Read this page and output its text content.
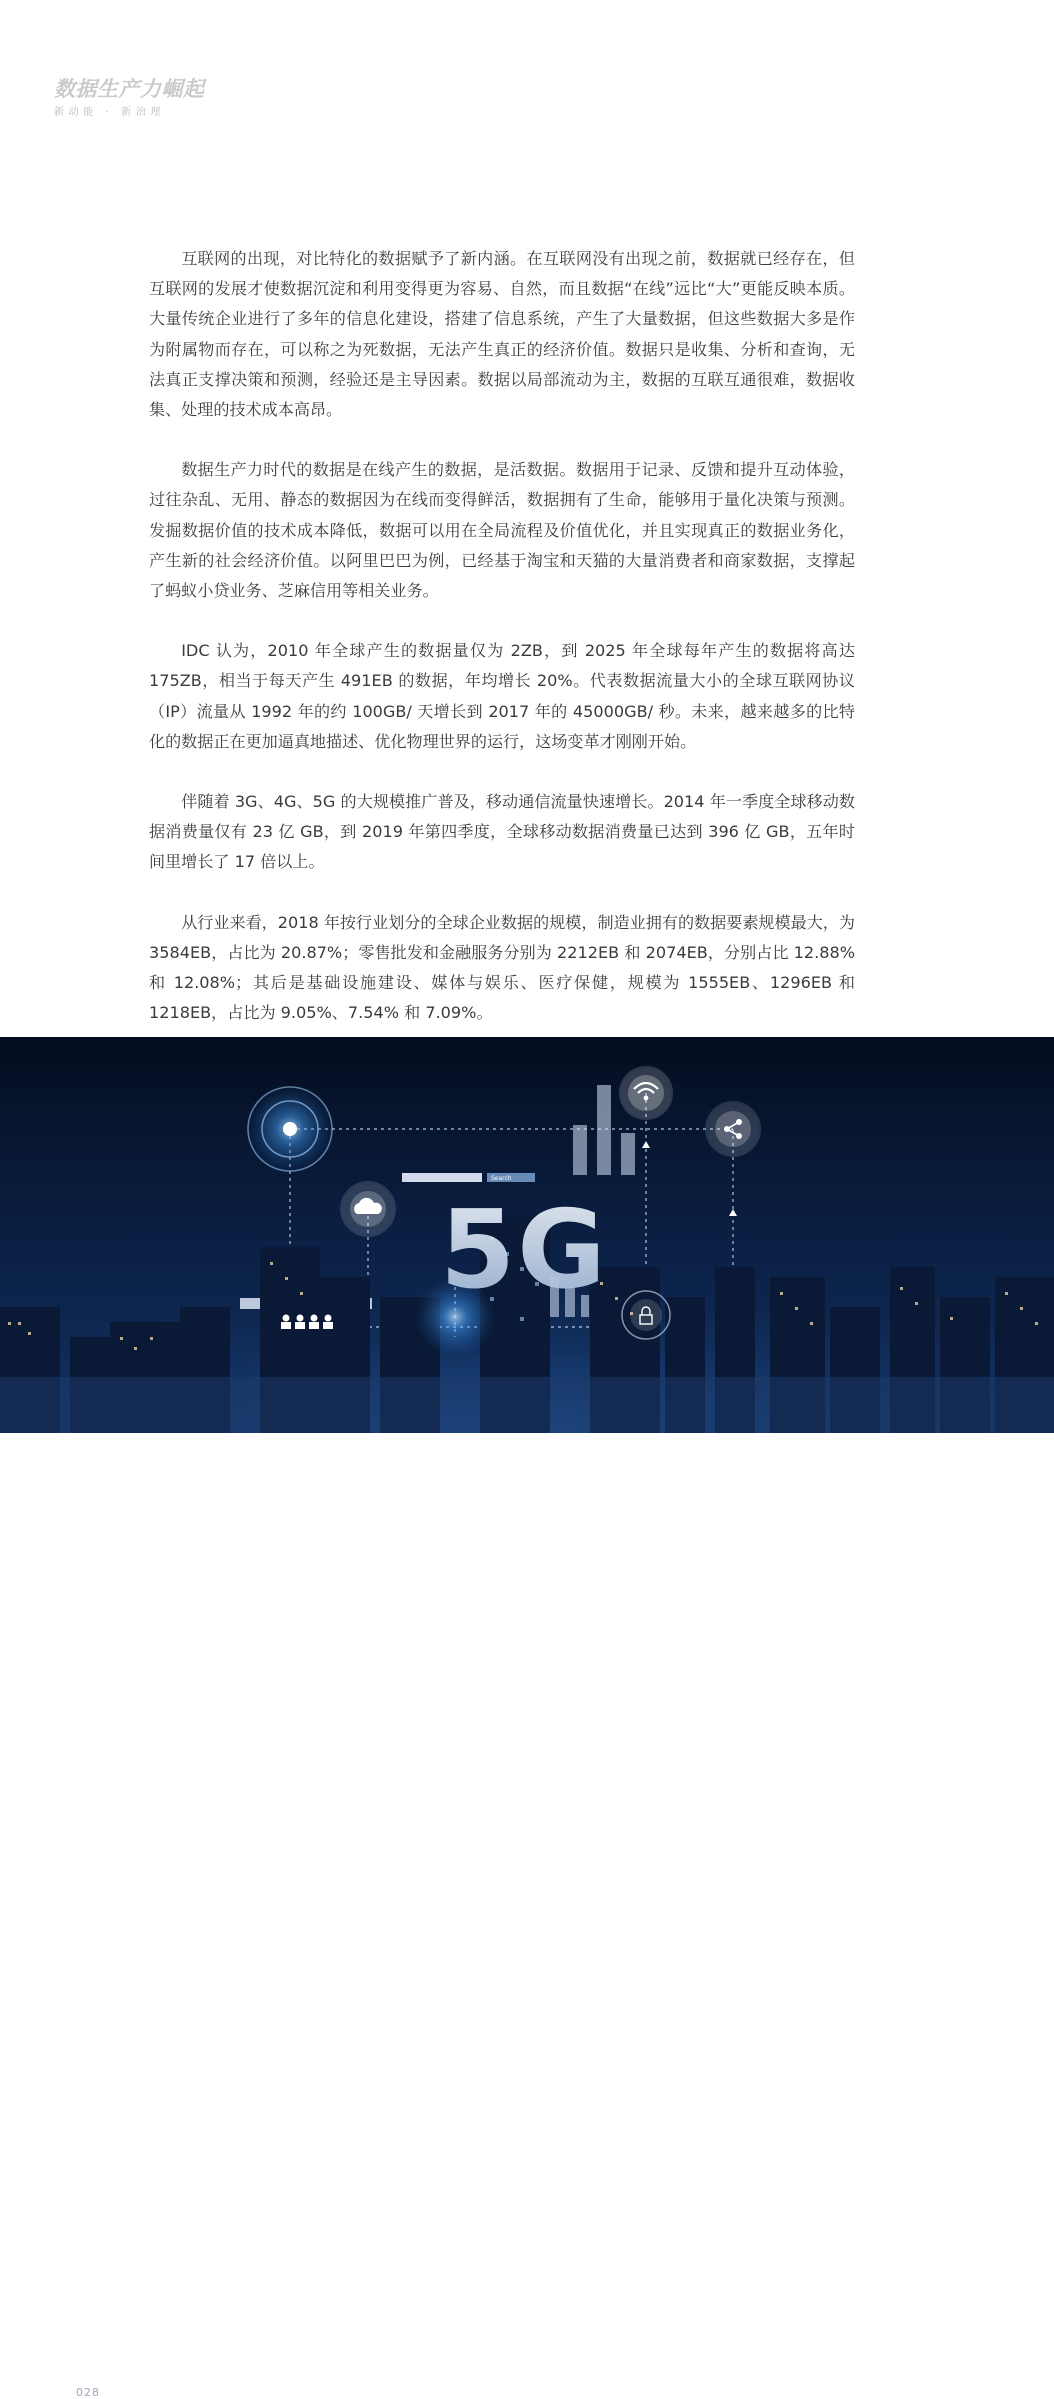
数据生产力崛起
新动能 · 新治理

互联网的出现，对比特化的数据赋予了新内涵。在互联网没有出现之前，数据就已经存在，但互联网的发展才使数据沉淀和利用变得更为容易、自然，而且数据“在线”远比“大”更能反映本质。大量传统企业进行了多年的信息化建设，搭建了信息系统，产生了大量数据，但这些数据大多是作为附属物而存在，可以称之为死数据，无法产生真正的经济价值。数据只是收集、分析和查询，无法真正支撑决策和预测，经验还是主导因素。数据以局部流动为主，数据的互联互通很难，数据收集、处理的技术成本高昂。

数据生产力时代的数据是在线产生的数据，是活数据。数据用于记录、反馈和提升互动体验，过往杂乱、无用、静态的数据因为在线而变得鲜活，数据拥有了生命，能够用于量化决策与预测。发掘数据价值的技术成本降低，数据可以用在全局流程及价值优化，并且实现真正的数据业务化，产生新的社会经济价值。以阿里巴巴为例，已经基于淘宝和天猫的大量消费者和商家数据，支撑起了蚂蚁小贷业务、芝麻信用等相关业务。

IDC 认为，2010 年全球产生的数据量仅为 2ZB，到 2025 年全球每年产生的数据将高达 175ZB，相当于每天产生 491EB 的数据，年均增长 20%。代表数据流量大小的全球互联网协议（IP）流量从 1992 年的约 100GB/ 天增长到 2017 年的 45000GB/ 秒。未来，越来越多的比特化的数据正在更加逼真地描述、优化物理世界的运行，这场变革才刚刚开始。

伴随着 3G、4G、5G 的大规模推广普及，移动通信流量快速增长。2014 年一季度全球移动数据消费量仅有 23 亿 GB，到 2019 年第四季度，全球移动数据消费量已达到 396 亿 GB，五年时间里增长了 17 倍以上。

从行业来看，2018 年按行业划分的全球企业数据的规模，制造业拥有的数据要素规模最大，为 3584EB，占比为 20.87%；零售批发和金融服务分别为 2212EB 和 2074EB，分别占比 12.88% 和 12.08%；其后是基础设施建设、媒体与娱乐、医疗保健，规模为 1555EB、1296EB 和 1218EB，占比为 9.05%、7.54% 和 7.09%。

Search
5G
028
